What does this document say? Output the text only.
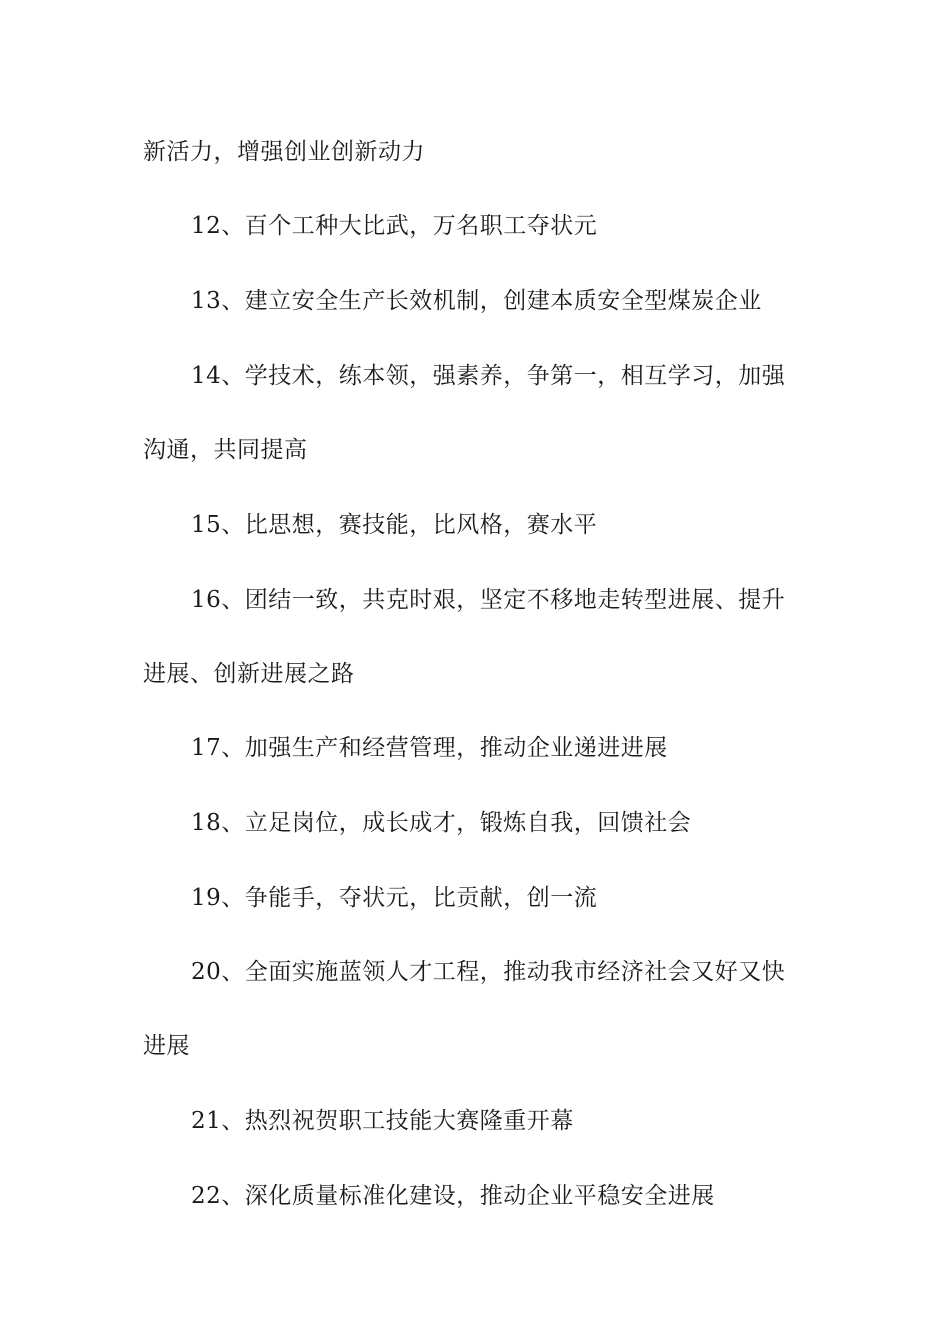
新活力，增强创业创新动力

12、百个工种大比武，万名职工夺状元

13、建立安全生产长效机制，创建本质安全型煤炭企业

14、学技术，练本领，强素养，争第一，相互学习，加强沟通，共同提高

15、比思想，赛技能，比风格，赛水平

16、团结一致，共克时艰，坚定不移地走转型进展、提升进展、创新进展之路

17、加强生产和经营管理，推动企业递进进展

18、立足岗位，成长成才，锻炼自我，回馈社会

19、争能手，夺状元，比贡献，创一流

20、全面实施蓝领人才工程，推动我市经济社会又好又快进展

21、热烈祝贺职工技能大赛隆重开幕

22、深化质量标准化建设，推动企业平稳安全进展
